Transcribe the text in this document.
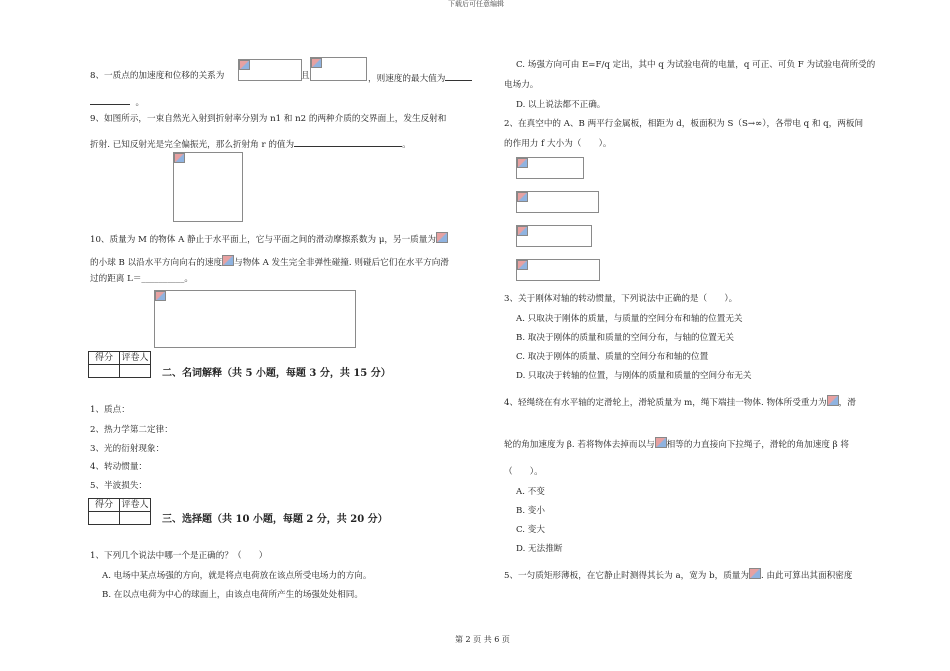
下载后可任意编辑
第 2 页 共 6 页
8、一质点的加速度和位移的关系为	且	，则速度的最大值为
。
9、如图所示，一束自然光入射到折射率分别为 n1 和 n2 的两种介质的交界面上，发生反射和
折射. 已知反射光是完全偏振光，那么折射角 r 的值为	。
10、质量为 M 的物体 A 静止于水平面上，它与平面之间的滑动摩擦系数为 μ，另一质量为
的小球 B 以沿水平方向向右的速度 与物体 A 发生完全非弹性碰撞. 则碰后它们在水平方向滑
过的距离 L＝__________。
得分	评卷人

二、名词解释（共 5 小题，每题 3 分，共 15 分）
1、质点：
2、热力学第二定律：
3、光的衍射现象：
4、转动惯量：
5、半波损失：
得分	评卷人

三、选择题（共 10 小题，每题 2 分，共 20 分）
1、下列几个说法中哪一个是正确的？（　　）
A. 电场中某点场强的方向，就是将点电荷放在该点所受电场力的方向。
B. 在以点电荷为中心的球面上，由该点电荷所产生的场强处处相同。
C. 场强方向可由 E=F/q 定出，其中 q 为试验电荷的电量，q 可正、可负 F 为试验电荷所受的
电场力。
D. 以上说法都不正确。
2、在真空中的 A、B 两平行金属板，相距为 d，板面积为 S（S→∞），各带电 q 和 q，两板间
的作用力 f 大小为（　　）。
3、关于刚体对轴的转动惯量，下列说法中正确的是（　　）。
A. 只取决于刚体的质量，与质量的空间分布和轴的位置无关
B. 取决于刚体的质量和质量的空间分布，与轴的位置无关
C. 取决于刚体的质量、质量的空间分布和轴的位置
D. 只取决于转轴的位置，与刚体的质量和质量的空间分布无关
4、轻绳绕在有水平轴的定滑轮上，滑轮质量为 m，绳下端挂一物体. 物体所受重力为 ，滑
轮的角加速度为 β. 若将物体去掉而以与 相等的力直接向下拉绳子，滑轮的角加速度 β 将
（　　）。
A. 不变
B. 变小
C. 变大
D. 无法推断
5、一匀质矩形薄板，在它静止时测得其长为 a，宽为 b，质量为 . 由此可算出其面积密度
